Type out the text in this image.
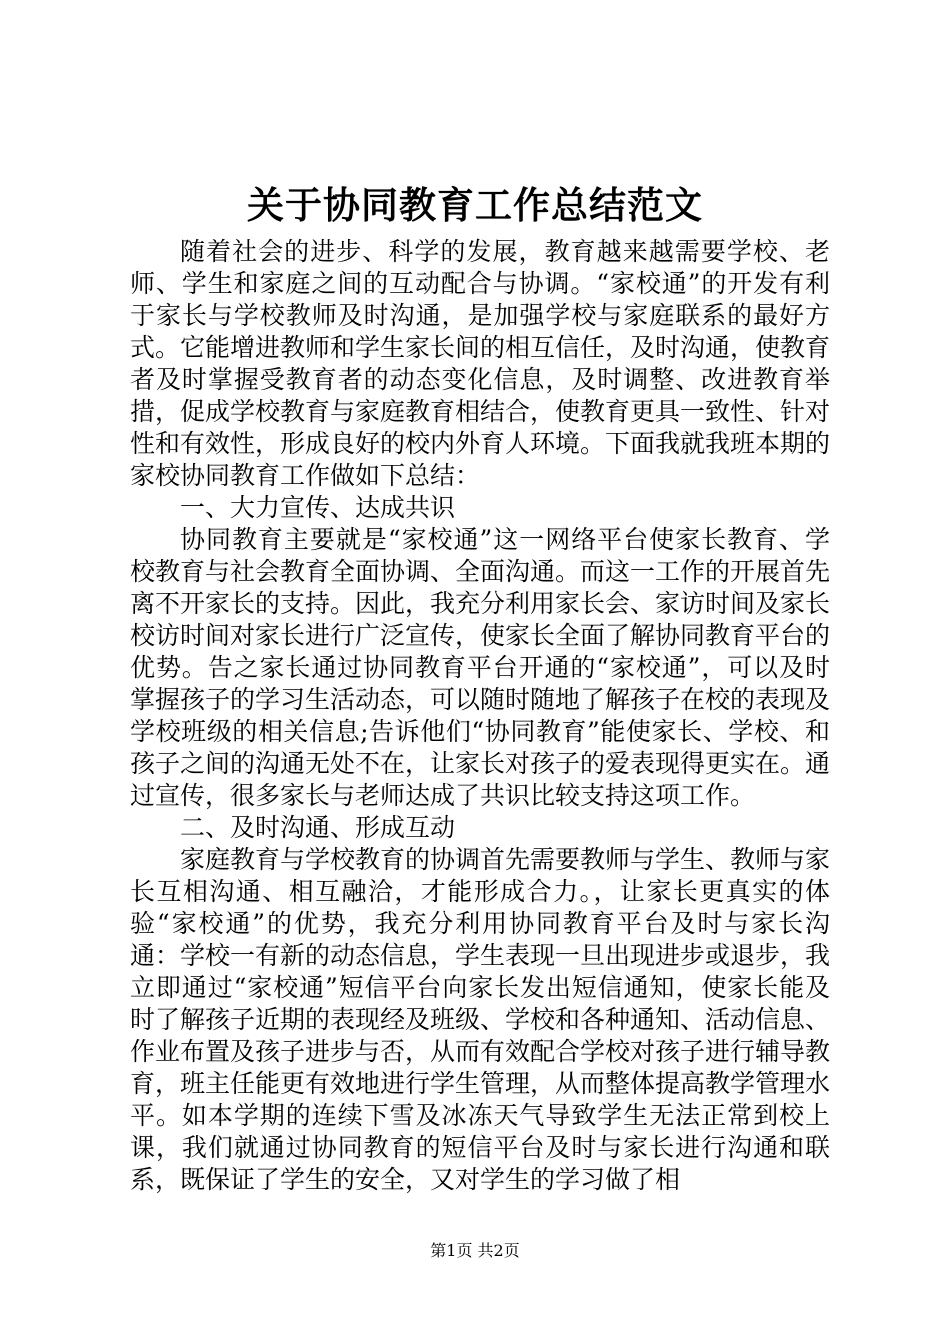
关于协同教育工作总结范文

随着社会的进步、科学的发展，教育越来越需要学校、老师、学生和家庭之间的互动配合与协调。“家校通”的开发有利于家长与学校教师及时沟通，是加强学校与家庭联系的最好方式。它能增进教师和学生家长间的相互信任，及时沟通，使教育者及时掌握受教育者的动态变化信息，及时调整、改进教育举措，促成学校教育与家庭教育相结合，使教育更具一致性、针对性和有效性，形成良好的校内外育人环境。下面我就我班本期的家校协同教育工作做如下总结：

一、大力宣传、达成共识

协同教育主要就是“家校通”这一网络平台使家长教育、学校教育与社会教育全面协调、全面沟通。而这一工作的开展首先离不开家长的支持。因此，我充分利用家长会、家访时间及家长校访时间对家长进行广泛宣传，使家长全面了解协同教育平台的优势。告之家长通过协同教育平台开通的“家校通”，可以及时掌握孩子的学习生活动态，可以随时随地了解孩子在校的表现及学校班级的相关信息;告诉他们“协同教育”能使家长、学校、和孩子之间的沟通无处不在，让家长对孩子的爱表现得更实在。通过宣传，很多家长与老师达成了共识比较支持这项工作。

二、及时沟通、形成互动

家庭教育与学校教育的协调首先需要教师与学生、教师与家长互相沟通、相互融洽，才能形成合力。，让家长更真实的体验“家校通”的优势，我充分利用协同教育平台及时与家长沟通：学校一有新的动态信息，学生表现一旦出现进步或退步，我立即通过“家校通”短信平台向家长发出短信通知，使家长能及时了解孩子近期的表现经及班级、学校和各种通知、活动信息、作业布置及孩子进步与否，从而有效配合学校对孩子进行辅导教育，班主任能更有效地进行学生管理，从而整体提高教学管理水平。如本学期的连续下雪及冰冻天气导致学生无法正常到校上课，我们就通过协同教育的短信平台及时与家长进行沟通和联系，既保证了学生的安全，又对学生的学习做了相

第1页 共2页
